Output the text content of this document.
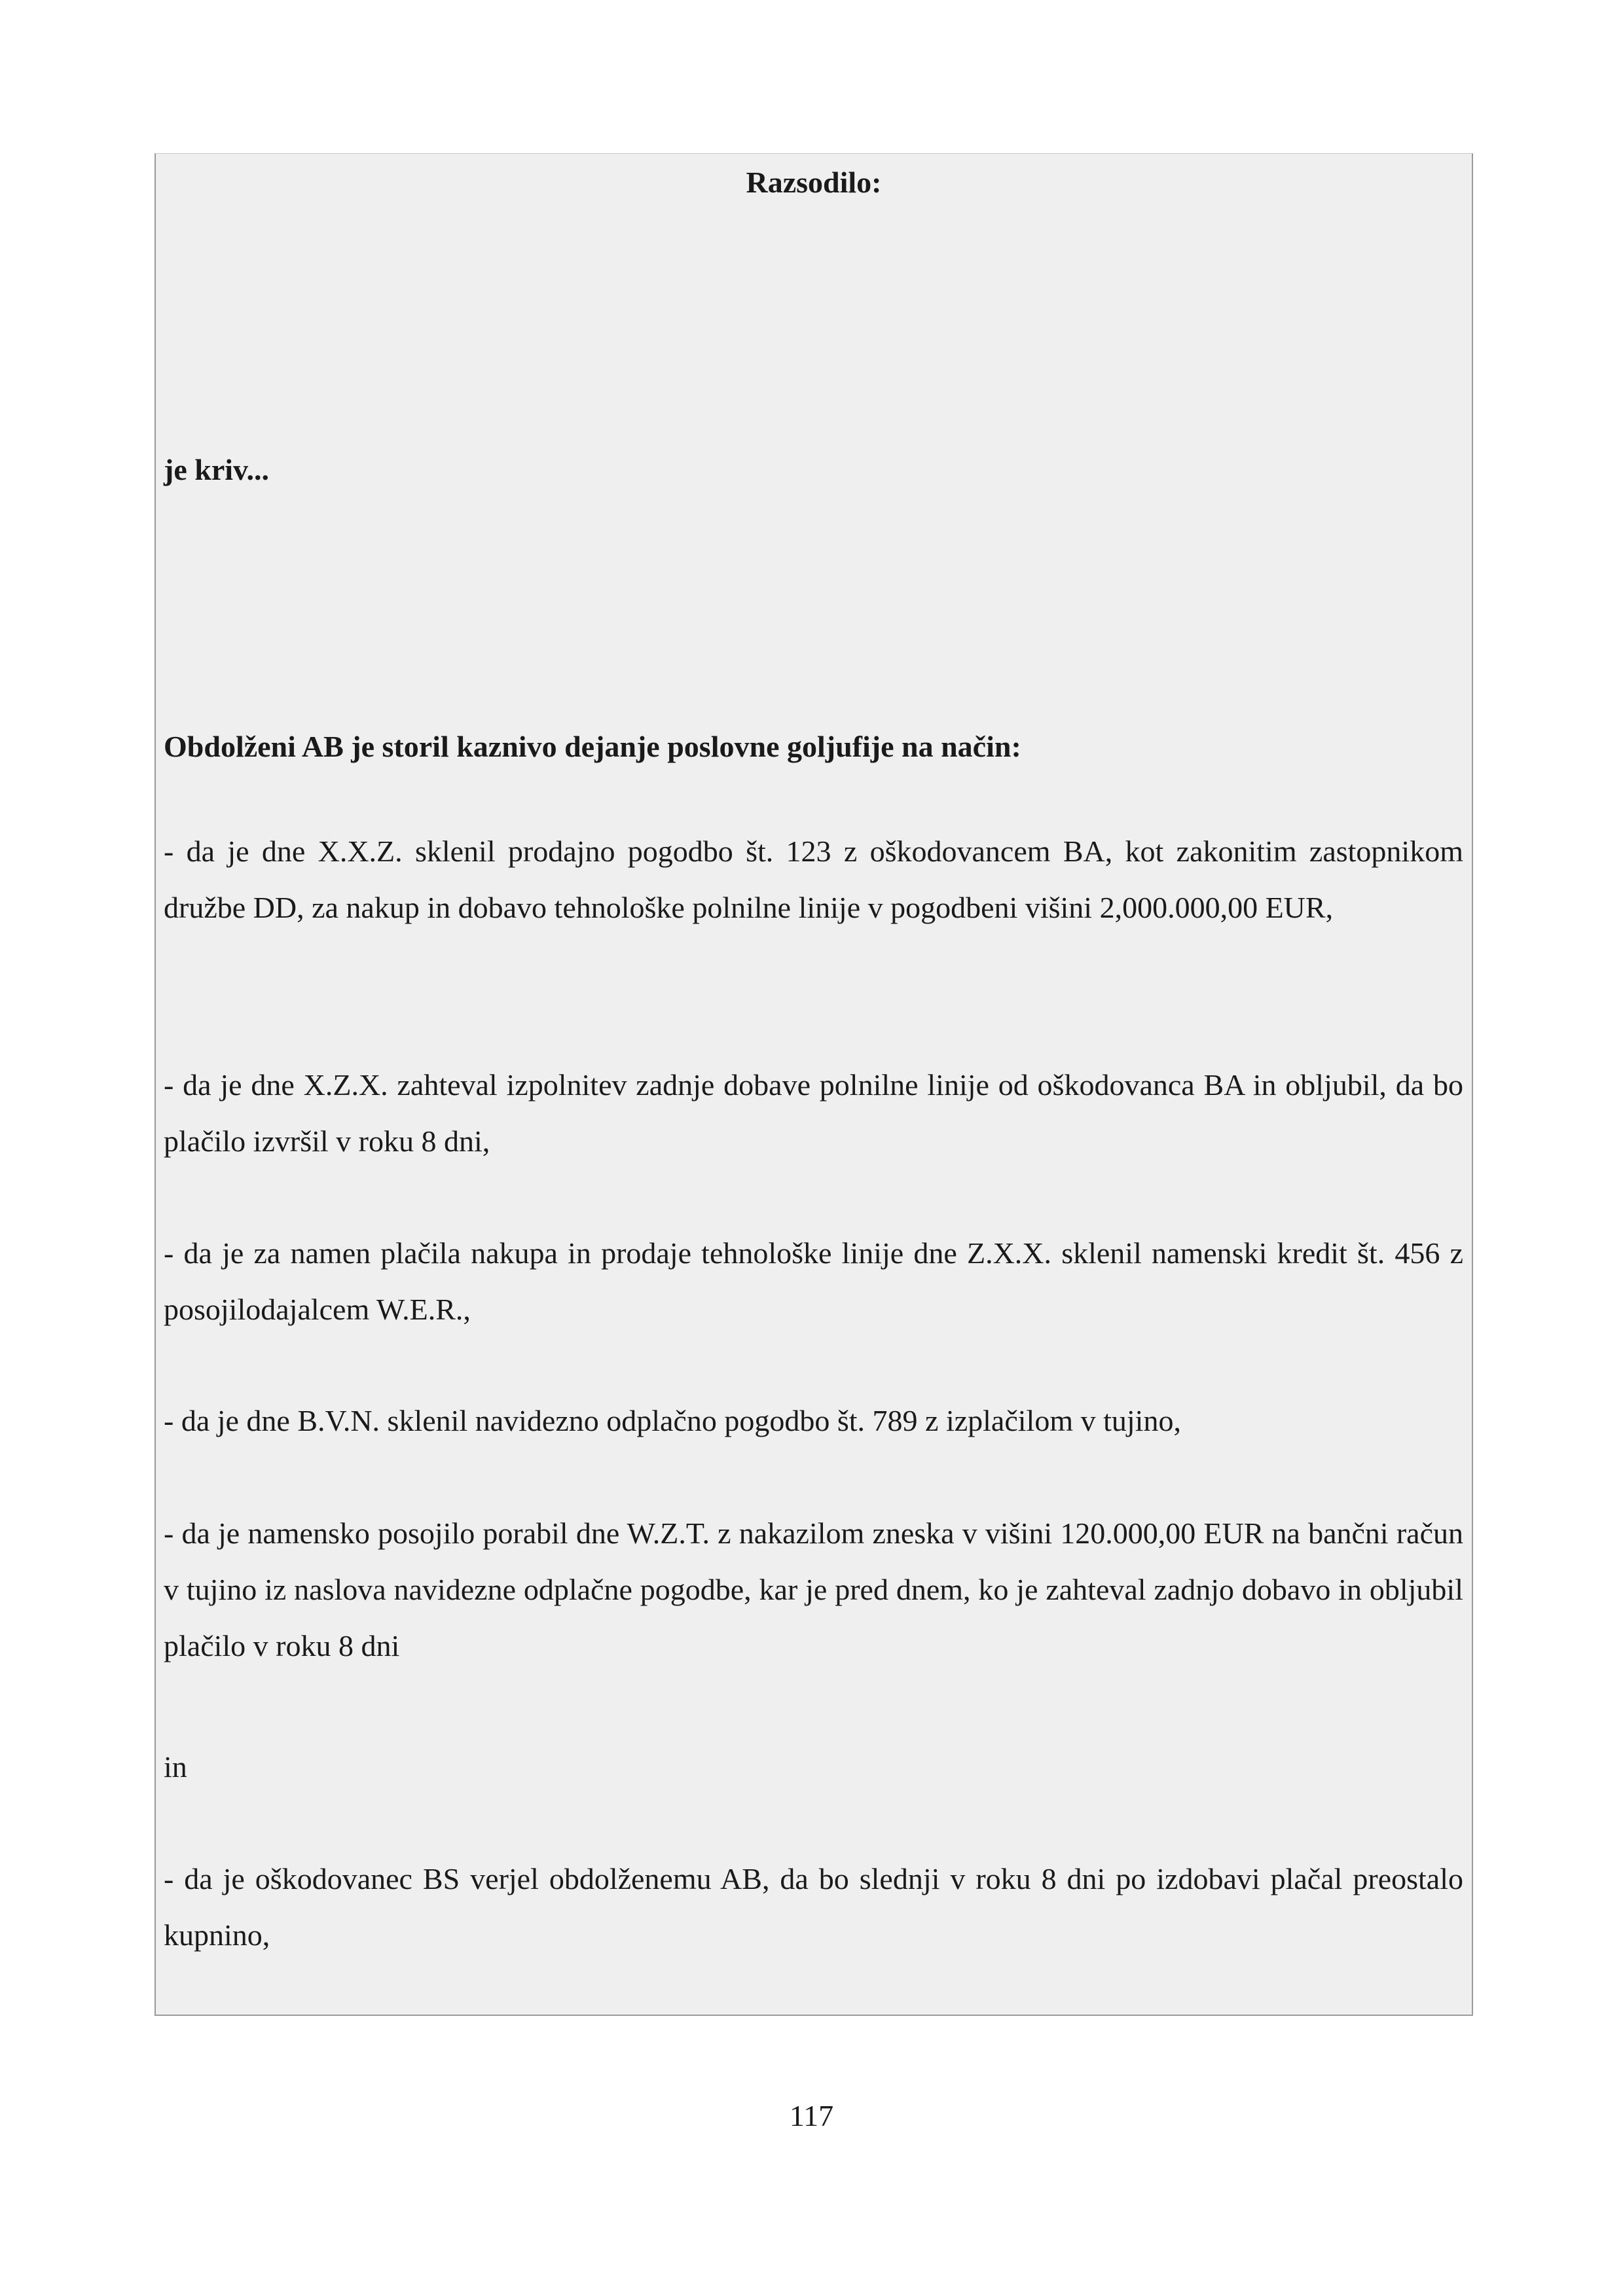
Razsodilo:

je kriv...

Obdolženi AB je storil kaznivo dejanje poslovne goljufije na način:

- da je dne X.X.Z. sklenil prodajno pogodbo št. 123 z oškodovancem BA, kot zakonitim zastopnikom družbe DD, za nakup in dobavo tehnološke polnilne linije v pogodbeni višini 2,000.000,00 EUR,

- da je dne X.Z.X. zahteval izpolnitev zadnje dobave polnilne linije od oškodovanca BA in obljubil, da bo plačilo izvršil v roku 8 dni,

- da je za namen plačila nakupa in prodaje tehnološke linije dne Z.X.X. sklenil namenski kredit št. 456 z posojilodajalcem W.E.R.,

- da je dne B.V.N. sklenil navidezno odplačno pogodbo št. 789 z izplačilom v tujino,

- da je namensko posojilo porabil dne W.Z.T. z nakazilom zneska v višini 120.000,00 EUR na bančni račun v tujino iz naslova navidezne odplačne pogodbe, kar je pred dnem, ko je zahteval zadnjo dobavo in obljubil plačilo v roku 8 dni

in

- da je oškodovanec BS verjel obdolženemu AB, da bo slednji v roku 8 dni po izdobavi plačal preostalo kupnino,

117
